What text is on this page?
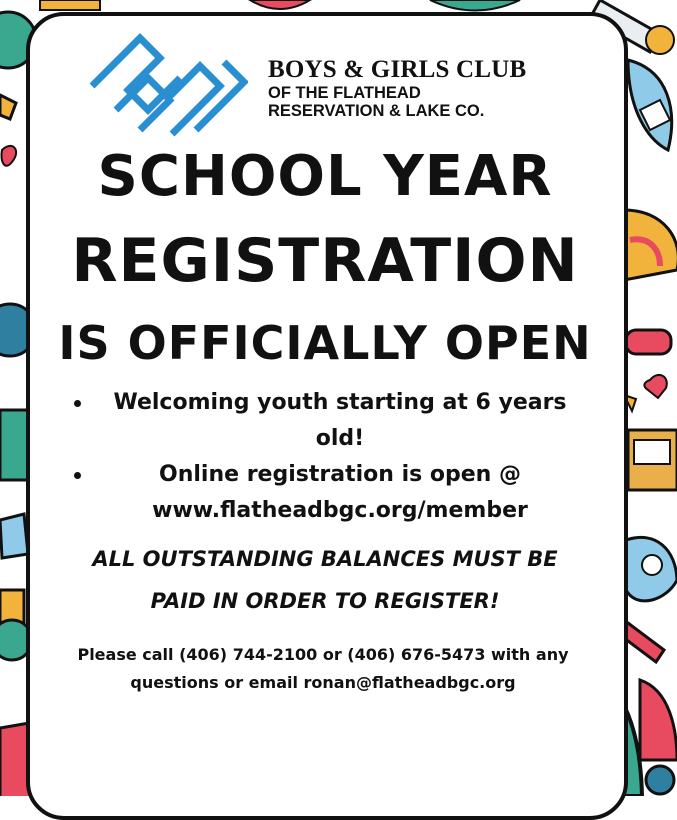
BOYS & GIRLS CLUB
OF THE FLATHEAD
RESERVATION & LAKE CO.
SCHOOL YEAR
REGISTRATION
IS OFFICIALLY OPEN
Welcoming youth starting at 6 years old!
Online registration is open @ www.flatheadbgc.org/member
ALL OUTSTANDING BALANCES MUST BE
PAID IN ORDER TO REGISTER!
Please call (406) 744-2100 or (406) 676-5473 with any
questions or email ronan@flatheadbgc.org
